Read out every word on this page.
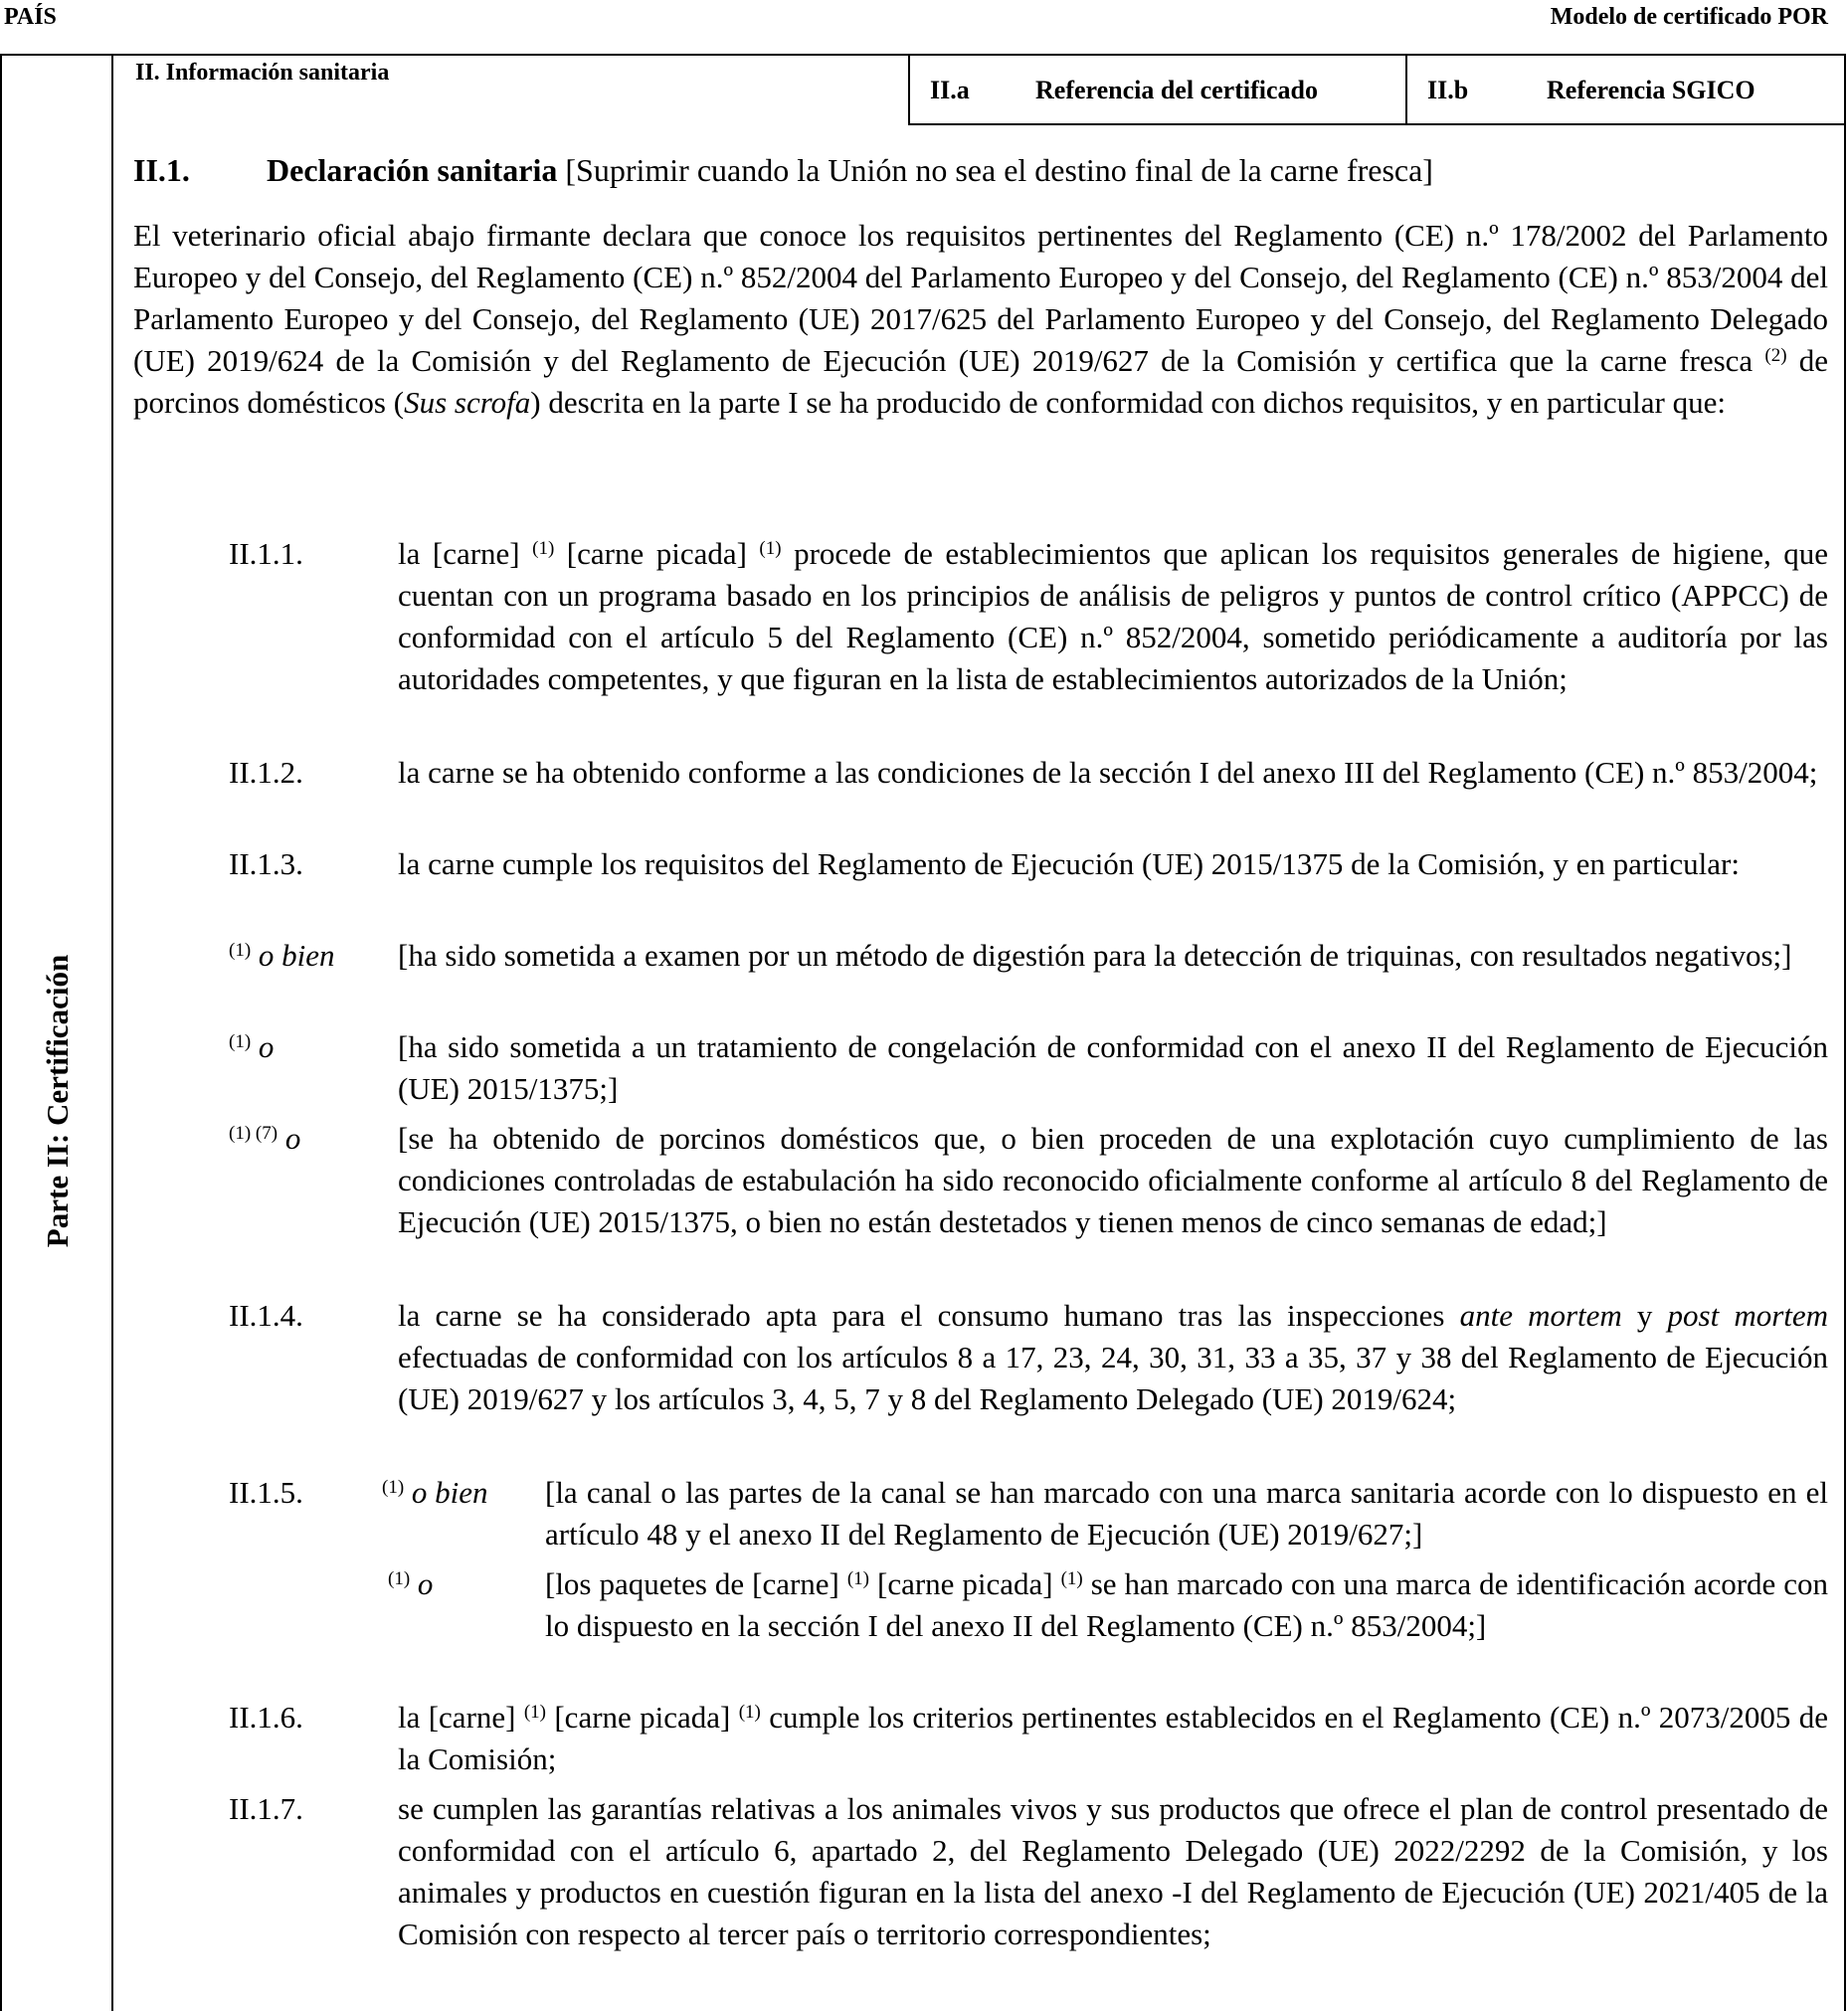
PAÍS	Modelo de certificado POR
Parte II: Certificación
II. Información sanitaria
II.a	Referencia del certificado	II.b	Referencia SGICO
II.1. Declaración sanitaria [Suprimir cuando la Unión no sea el destino final de la carne fresca]
El veterinario oficial abajo firmante declara que conoce los requisitos pertinentes del Reglamento (CE) n.º 178/2002 del Parlamento Europeo y del Consejo, del Reglamento (CE) n.º 852/2004 del Parlamento Europeo y del Consejo, del Reglamento (CE) n.º 853/2004 del Parlamento Europeo y del Consejo, del Reglamento (UE) 2017/625 del Parlamento Europeo y del Consejo, del Reglamento Delegado (UE) 2019/624 de la Comisión y del Reglamento de Ejecución (UE) 2019/627 de la Comisión y certifica que la carne fresca $^{(2)}$ de porcinos domésticos (Sus scrofa) descrita en la parte I se ha producido de conformidad con dichos requisitos, y en particular que:
II.1.1.	la [carne] $^{(1)}$ [carne picada] $^{(1)}$ procede de establecimientos que aplican los requisitos generales de higiene, que cuentan con un programa basado en los principios de análisis de peligros y puntos de control crítico (APPCC) de conformidad con el artículo 5 del Reglamento (CE) n.º 852/2004, sometido periódicamente a auditoría por las autoridades competentes, y que figuran en la lista de establecimientos autorizados de la Unión;
II.1.2.	la carne se ha obtenido conforme a las condiciones de la sección I del anexo III del Reglamento (CE) n.º 853/2004;
II.1.3.	la carne cumple los requisitos del Reglamento de Ejecución (UE) 2015/1375 de la Comisión, y en particular:
$^{(1)}$ o bien [ha sido sometida a examen por un método de digestión para la detección de triquinas, con resultados negativos;]
$^{(1)}$ o	[ha sido sometida a un tratamiento de congelación de conformidad con el anexo II del Reglamento de Ejecución (UE) 2015/1375;]
$^{(1) (7)}$ o	[se ha obtenido de porcinos domésticos que, o bien proceden de una explotación cuyo cumplimiento de las condiciones controladas de estabulación ha sido reconocido oficialmente conforme al artículo 8 del Reglamento de Ejecución (UE) 2015/1375, o bien no están destetados y tienen menos de cinco semanas de edad;]
II.1.4.	la carne se ha considerado apta para el consumo humano tras las inspecciones ante mortem y post mortem efectuadas de conformidad con los artículos 8 a 17, 23, 24, 30, 31, 33 a 35, 37 y 38 del Reglamento de Ejecución (UE) 2019/627 y los artículos 3, 4, 5, 7 y 8 del Reglamento Delegado (UE) 2019/624;
II.1.5.	$^{(1)}$ o bien [la canal o las partes de la canal se han marcado con una marca sanitaria acorde con lo dispuesto en el artículo 48 y el anexo II del Reglamento de Ejecución (UE) 2019/627;]
$^{(1)}$ o	[los paquetes de [carne] $^{(1)}$ [carne picada] $^{(1)}$ se han marcado con una marca de identificación acorde con lo dispuesto en la sección I del anexo II del Reglamento (CE) n.º 853/2004;]
II.1.6.	la [carne] $^{(1)}$ [carne picada] $^{(1)}$ cumple los criterios pertinentes establecidos en el Reglamento (CE) n.º 2073/2005 de la Comisión;
II.1.7.	se cumplen las garantías relativas a los animales vivos y sus productos que ofrece el plan de control presentado de conformidad con el artículo 6, apartado 2, del Reglamento Delegado (UE) 2022/2292 de la Comisión, y los animales y productos en cuestión figuran en la lista del anexo -I del Reglamento de Ejecución (UE) 2021/405 de la Comisión con respecto al tercer país o territorio correspondientes;
